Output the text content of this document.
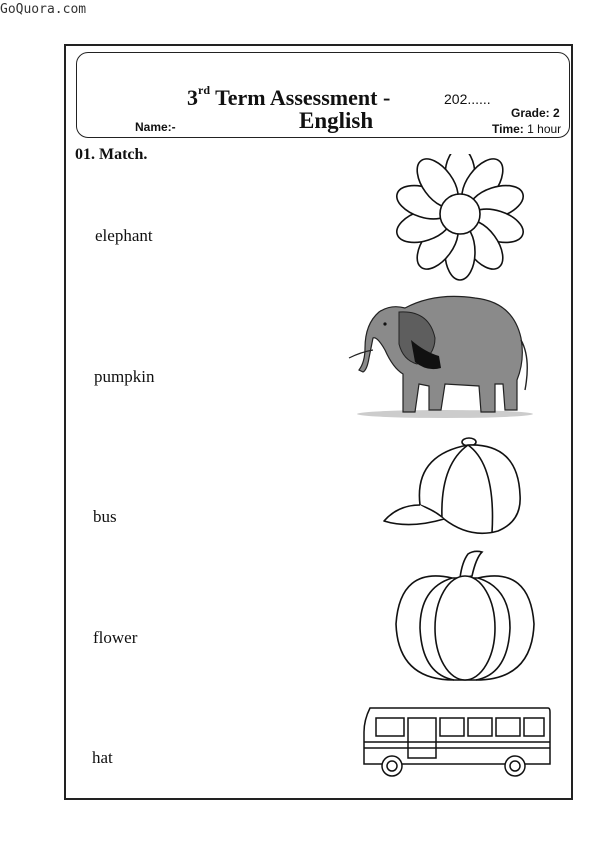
GoQuora.com
3rd Term Assessment -	202......
English
Name:-
Grade: 2
Time: 1 hour
01. Match.
elephant
pumpkin
bus
flower
hat
